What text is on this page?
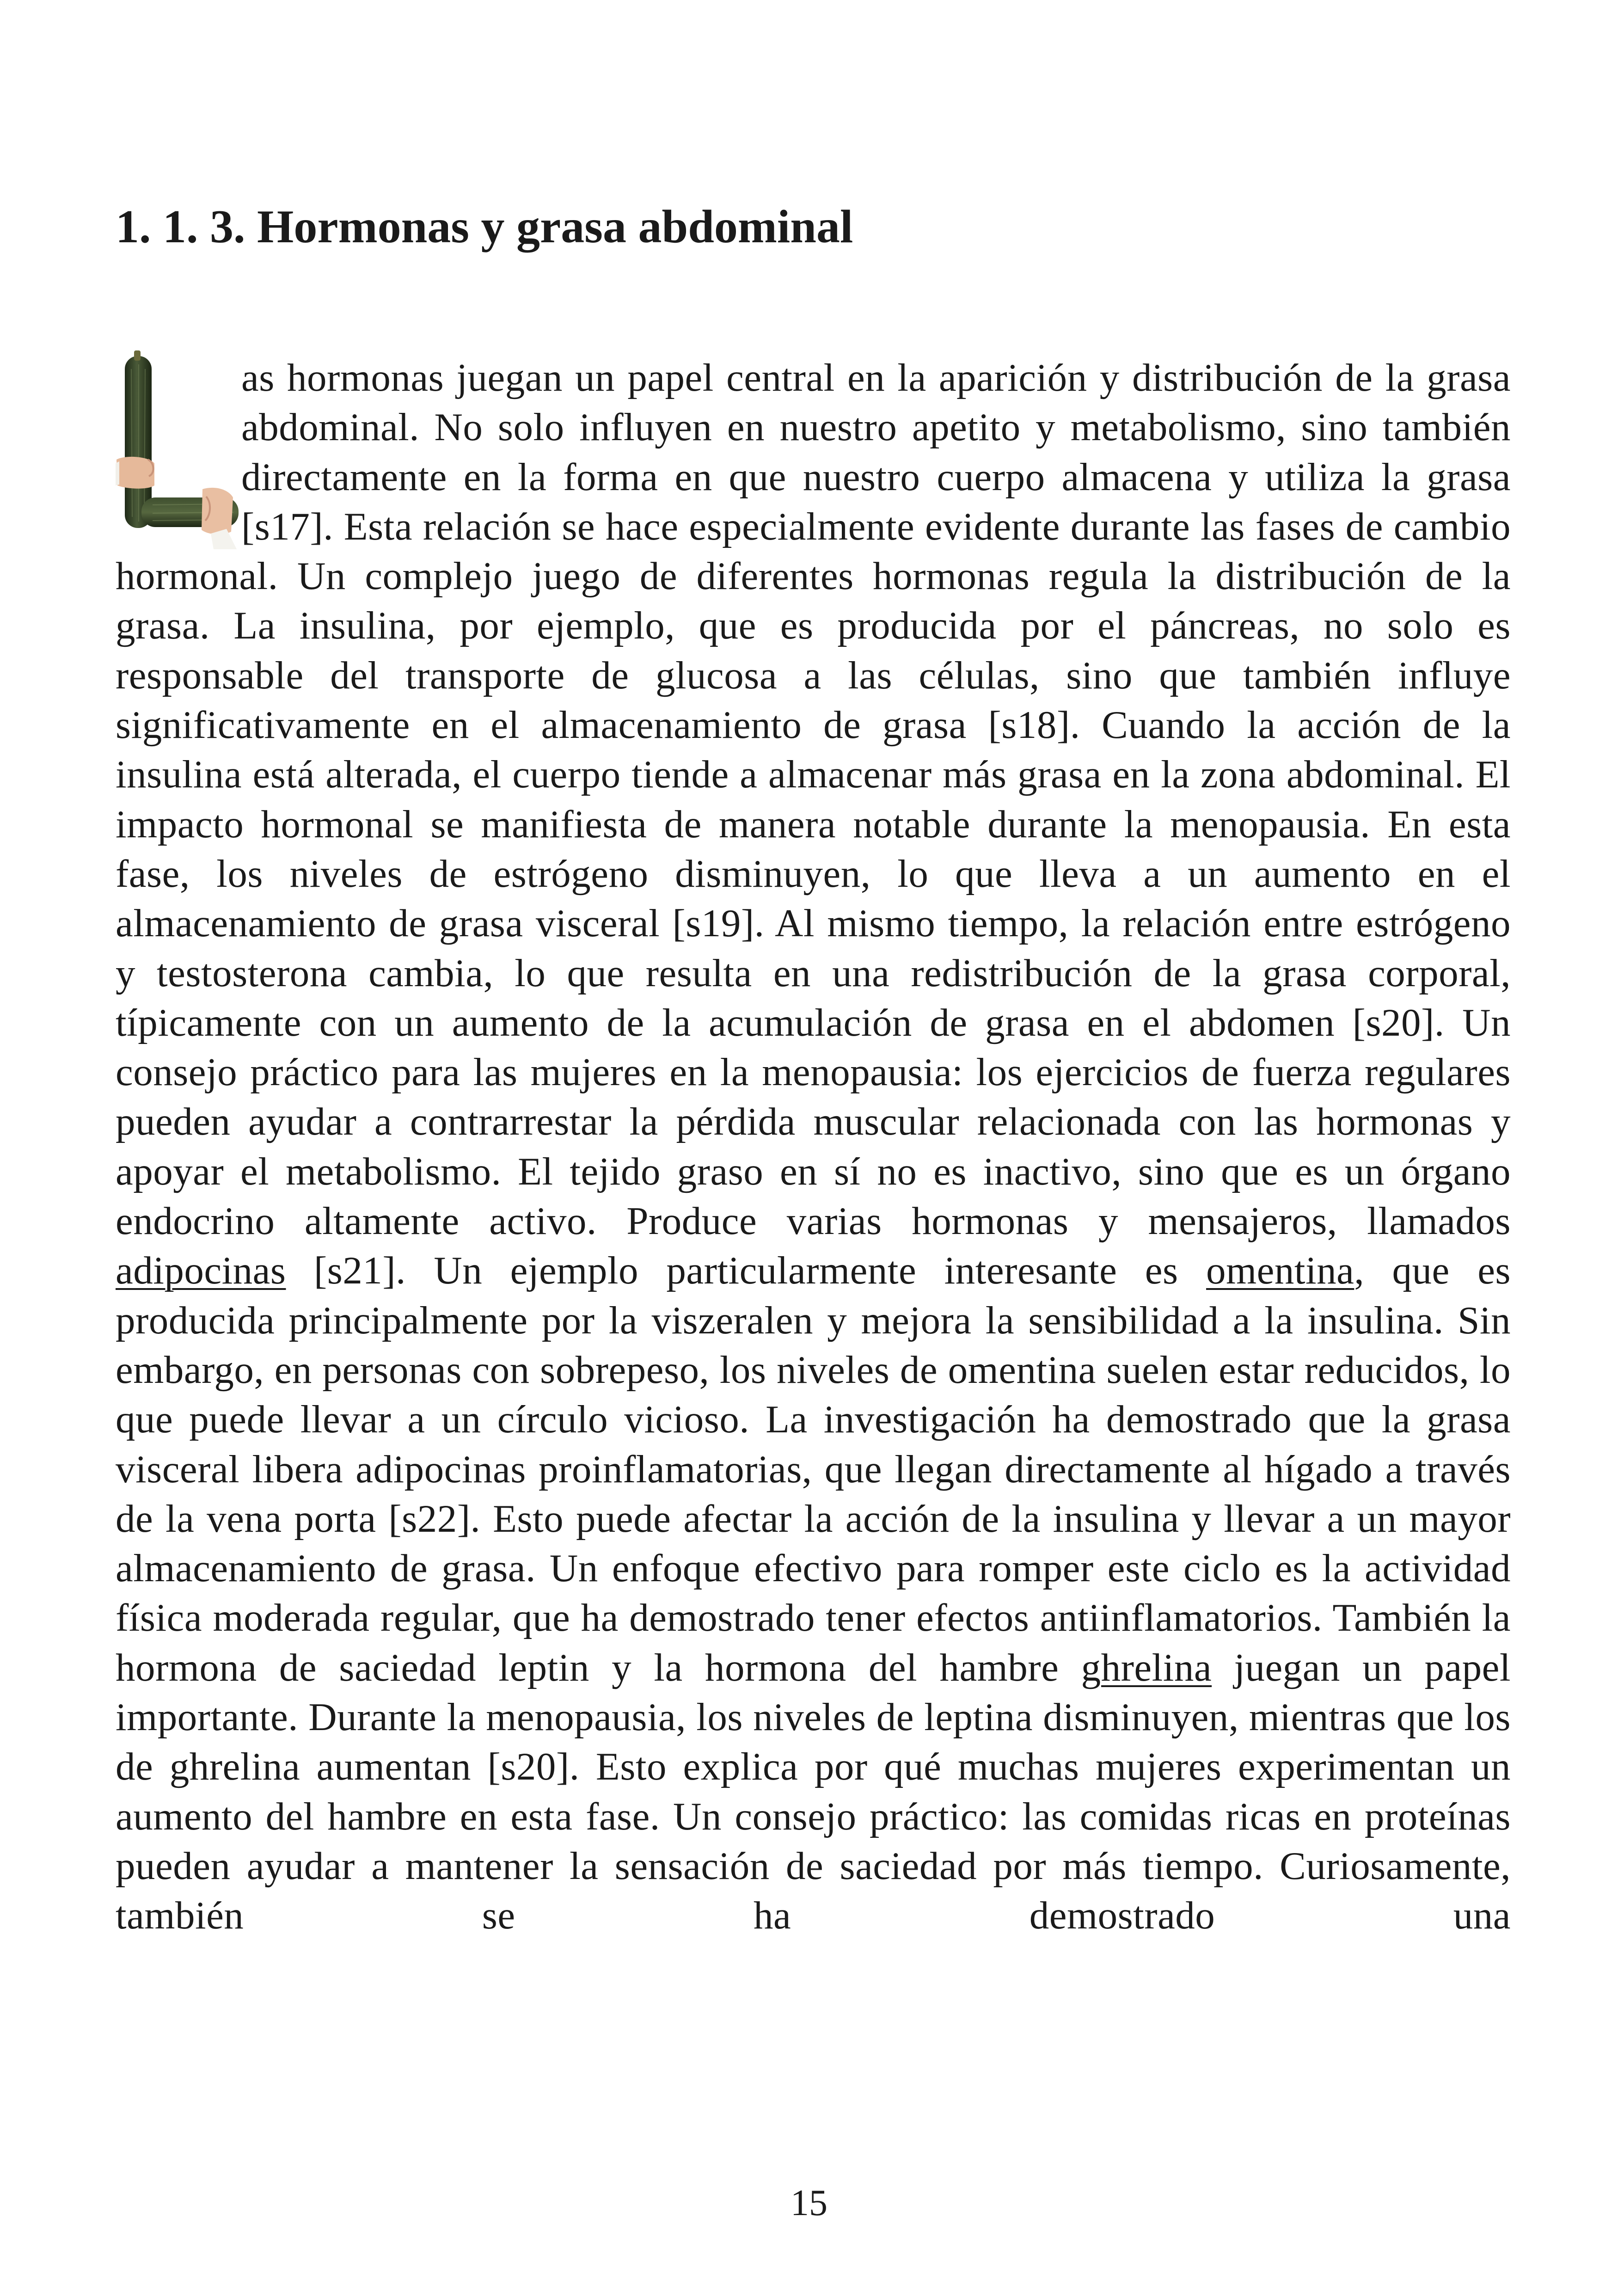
1. 1. 3. Hormonas y grasa abdominal

as hormonas juegan un papel central en la aparición y distribución de la grasa abdominal. No solo influyen en nuestro apetito y metabolismo, sino también directamente en la forma en que nuestro cuerpo almacena y utiliza la grasa [s17]. Esta relación se hace especialmente evidente durante las fases de cambio hormonal. Un complejo juego de diferentes hormonas regula la distribución de la grasa. La insulina, por ejemplo, que es producida por el páncreas, no solo es responsable del transporte de glucosa a las células, sino que también influye significativamente en el almacenamiento de grasa [s18]. Cuando la acción de la insulina está alterada, el cuerpo tiende a almacenar más grasa en la zona abdominal. El impacto hormonal se manifiesta de manera notable durante la menopausia. En esta fase, los niveles de estrógeno disminuyen, lo que lleva a un aumento en el almacenamiento de grasa visceral [s19]. Al mismo tiempo, la relación entre estrógeno y testosterona cambia, lo que resulta en una redistribución de la grasa corporal, típicamente con un aumento de la acumulación de grasa en el abdomen [s20]. Un consejo práctico para las mujeres en la menopausia: los ejercicios de fuerza regulares pueden ayudar a contrarrestar la pérdida muscular relacionada con las hormonas y apoyar el metabolismo. El tejido graso en sí no es inactivo, sino que es un órgano endocrino altamente activo. Produce varias hormonas y mensajeros, llamados adipocinas [s21]. Un ejemplo particularmente interesante es omentina, que es producida principalmente por la viszeralen y mejora la sensibilidad a la insulina. Sin embargo, en personas con sobrepeso, los niveles de omentina suelen estar reducidos, lo que puede llevar a un círculo vicioso. La investigación ha demostrado que la grasa visceral libera adipocinas proinflamatorias, que llegan directamente al hígado a través de la vena porta [s22]. Esto puede afectar la acción de la insulina y llevar a un mayor almacenamiento de grasa. Un enfoque efectivo para romper este ciclo es la actividad física moderada regular, que ha demostrado tener efectos antiinflamatorios. También la hormona de saciedad leptin y la hormona del hambre ghrelina juegan un papel importante. Durante la menopausia, los niveles de leptina disminuyen, mientras que los de ghrelina aumentan [s20]. Esto explica por qué muchas mujeres experimentan un aumento del hambre en esta fase. Un consejo práctico: las comidas ricas en proteínas pueden ayudar a mantener la sensación de saciedad por más tiempo. Curiosamente, también se ha demostrado una

15
